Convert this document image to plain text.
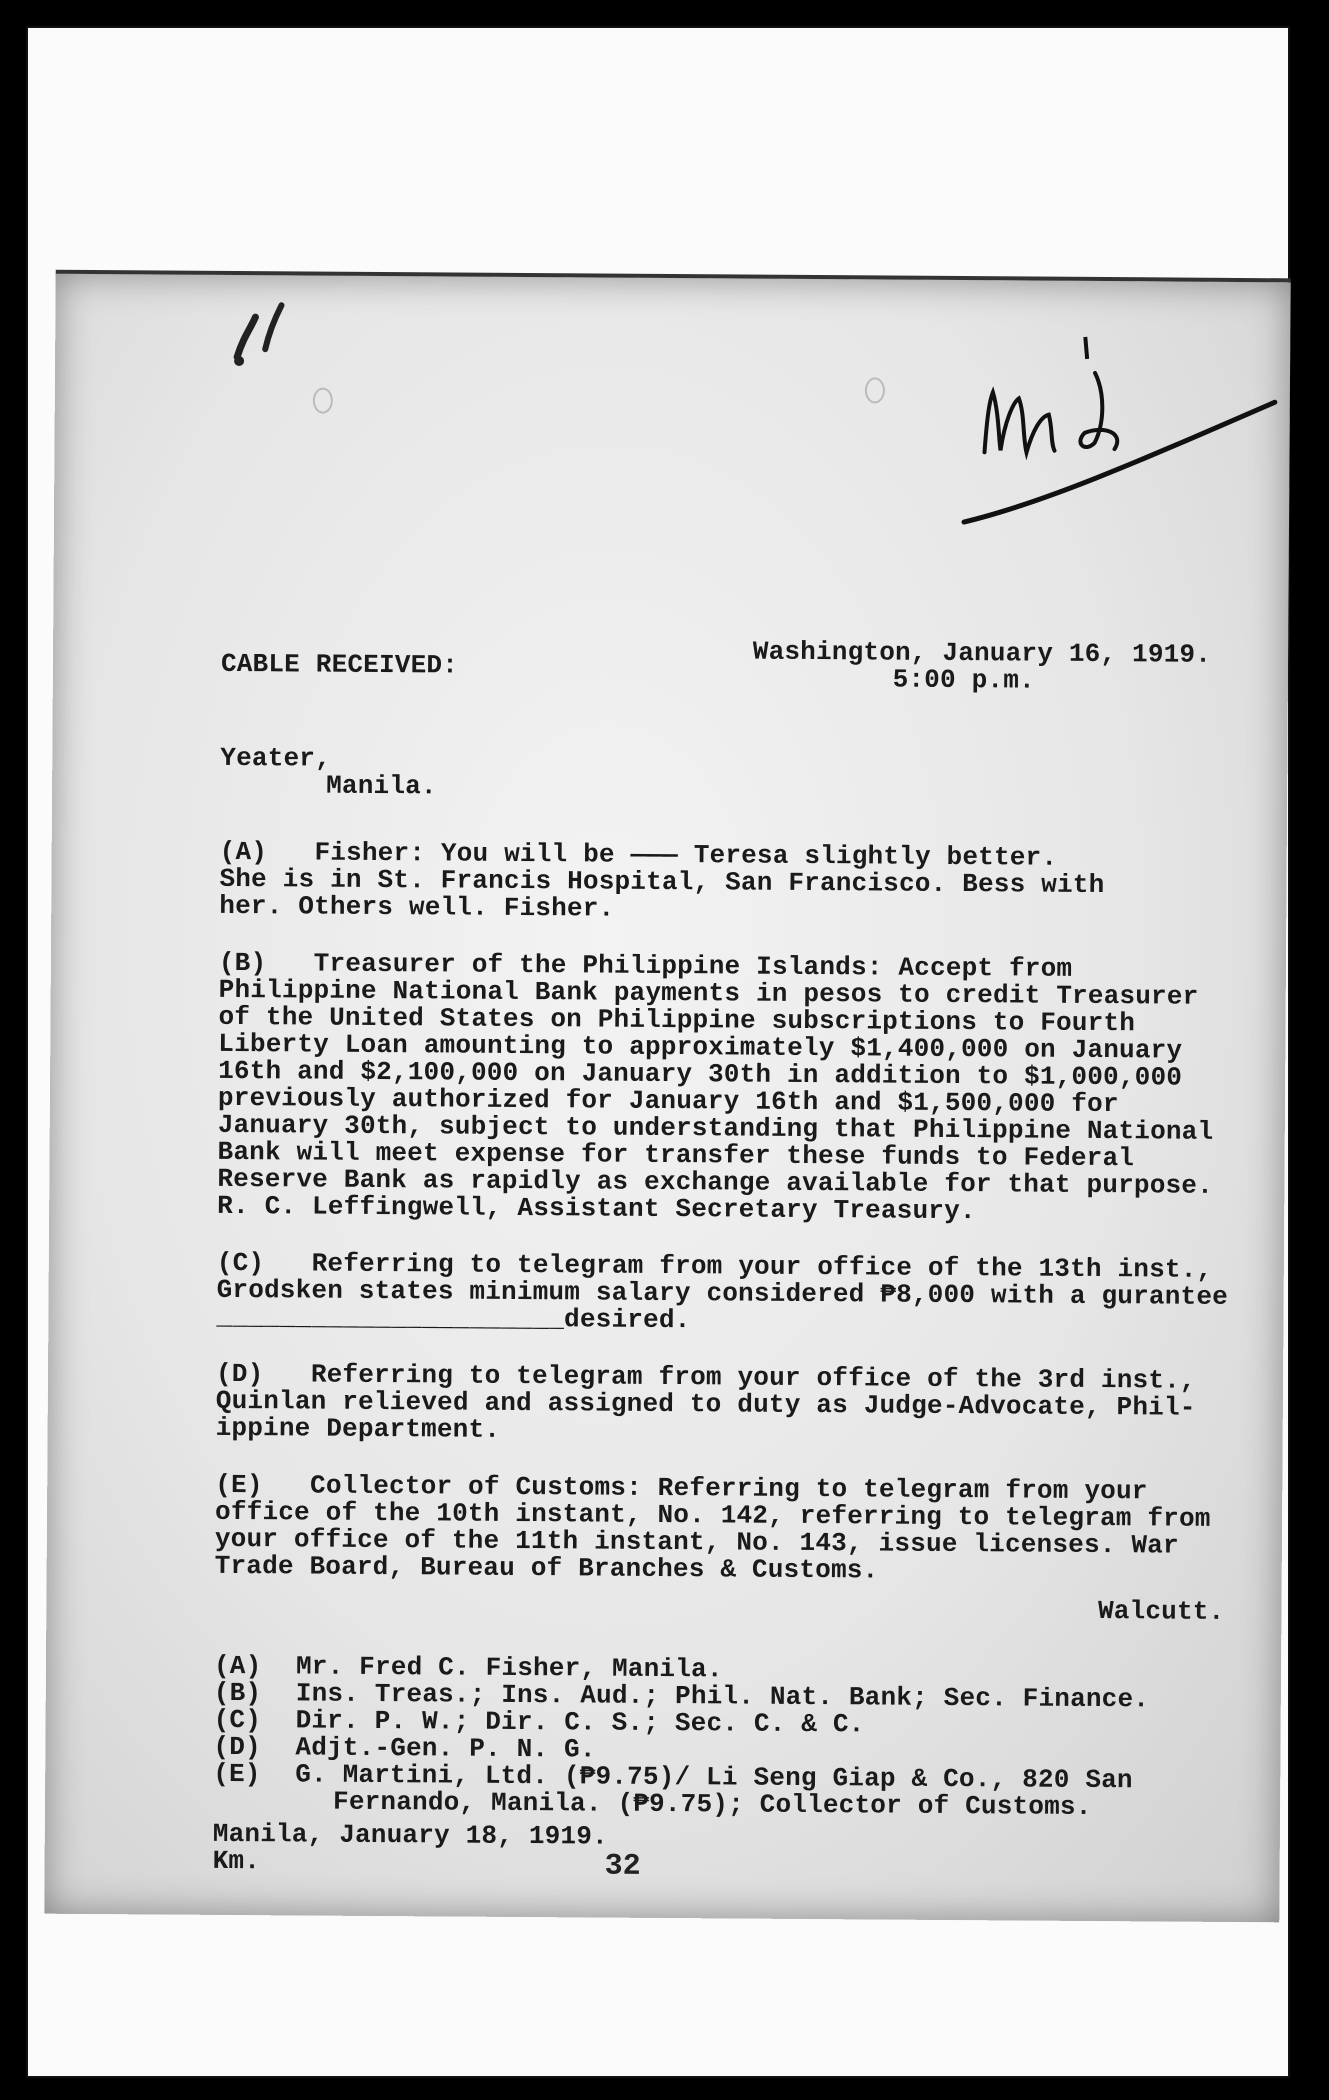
CABLE RECEIVED:	Washington, January 16, 1919.
5:00 p.m.
Yeater,
Manila.
(A)   Fisher: You will be ——— Teresa slightly better.
She is in St. Francis Hospital, San Francisco. Bess with
her. Others well. Fisher.
(B)   Treasurer of the Philippine Islands: Accept from
Philippine National Bank payments in pesos to credit Treasurer
of the United States on Philippine subscriptions to Fourth
Liberty Loan amounting to approximately $1,400,000 on January
16th and $2,100,000 on January 30th in addition to $1,000,000
previously authorized for January 16th and $1,500,000 for
January 30th, subject to understanding that Philippine National
Bank will meet expense for transfer these funds to Federal
Reserve Bank as rapidly as exchange available for that purpose.
R. C. Leffingwell, Assistant Secretary Treasury.
(C)   Referring to telegram from your office of the 13th inst.,
Grodsken states minimum salary considered ₱8,000 with a gurantee
______________________desired.
(D)   Referring to telegram from your office of the 3rd inst.,
Quinlan relieved and assigned to duty as Judge-Advocate, Phil-
ippine Department.
(E)   Collector of Customs: Referring to telegram from your
office of the 10th instant, No. 142, referring to telegram from
your office of the 11th instant, No. 143, issue licenses. War
Trade Board, Bureau of Branches & Customs.
Walcutt.
(A)	Mr. Fred C. Fisher, Manila.
(B)	Ins. Treas.; Ins. Aud.; Phil. Nat. Bank; Sec. Finance.
(C)	Dir. P. W.; Dir. C. S.; Sec. C. & C.
(D)	Adjt.-Gen. P. N. G.
(E)	G. Martini, Ltd. (₱9.75)/ Li Seng Giap & Co., 820 San
Fernando, Manila. (₱9.75); Collector of Customs.
Manila, January 18, 1919.
Km.	32
